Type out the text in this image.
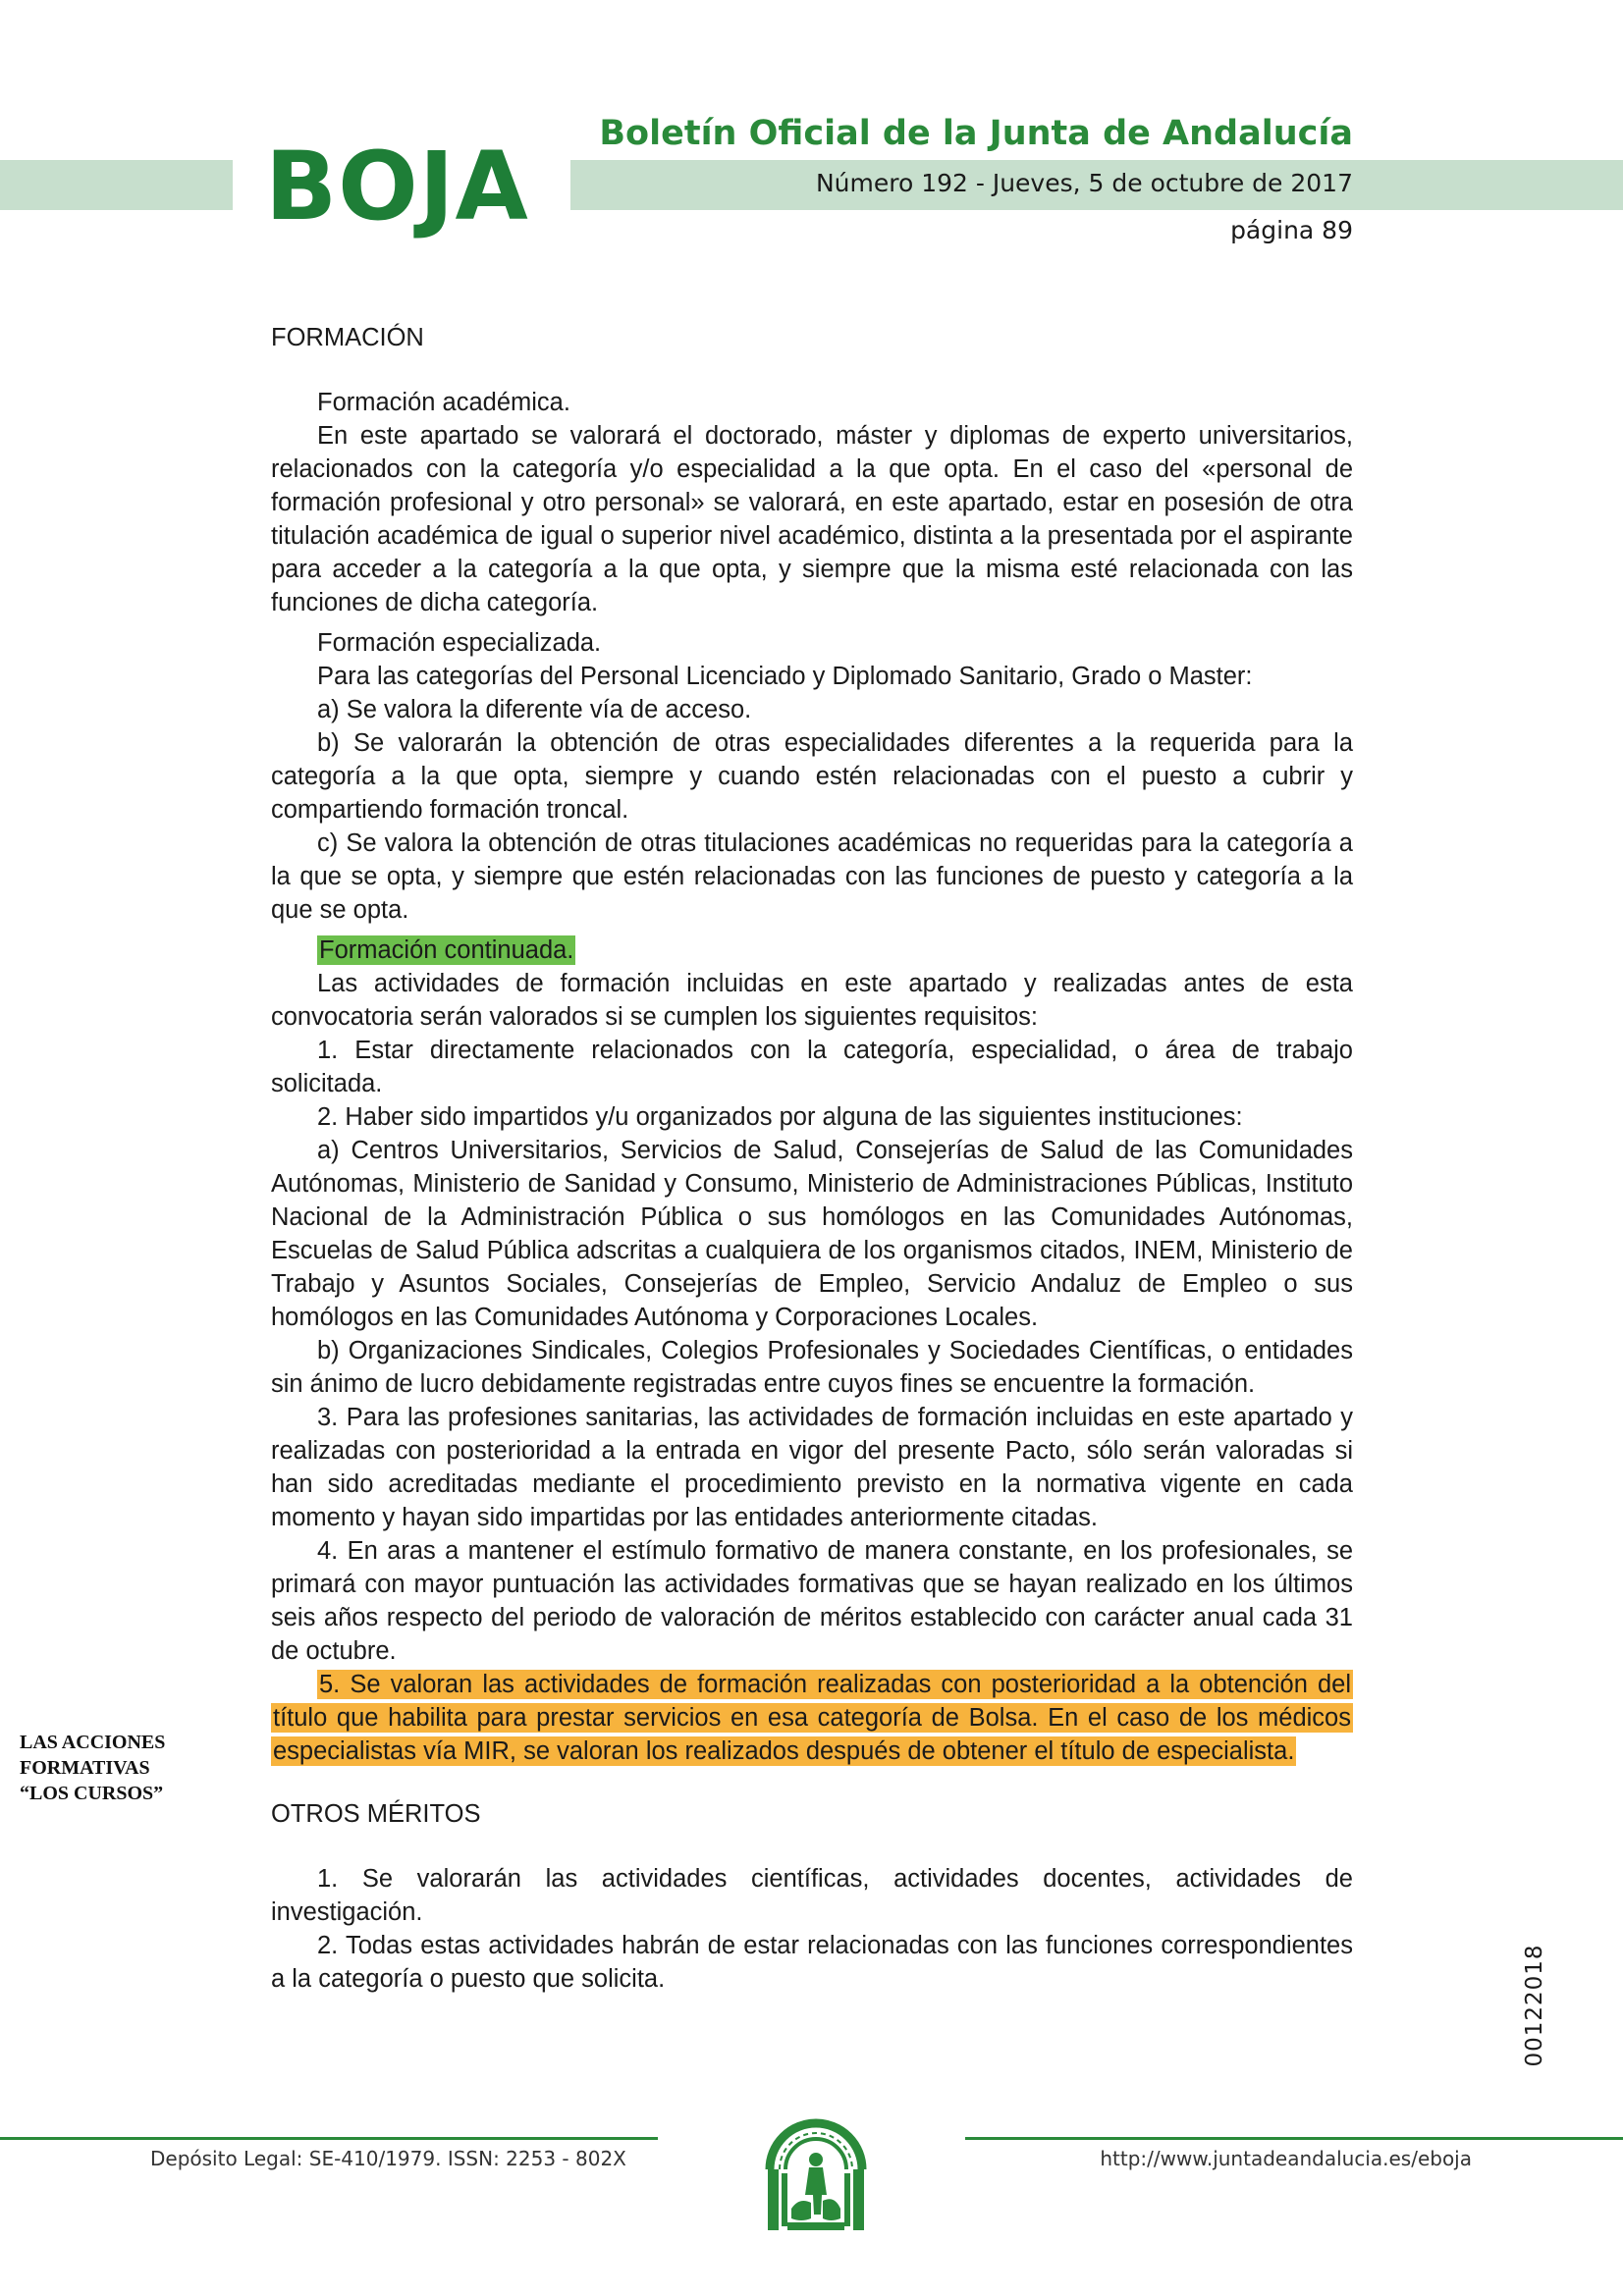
BOJA Boletín Oficial de la Junta de Andalucía
Número 192 - Jueves, 5 de octubre de 2017
página 89

FORMACIÓN

Formación académica.

En este apartado se valorará el doctorado, máster y diplomas de experto universitarios, relacionados con la categoría y/o especialidad a la que opta. En el caso del «personal de formación profesional y otro personal» se valorará, en este apartado, estar en posesión de otra titulación académica de igual o superior nivel académico, distinta a la presentada por el aspirante para acceder a la categoría a la que opta, y siempre que la misma esté relacionada con las funciones de dicha categoría.

Formación especializada.

Para las categorías del Personal Licenciado y Diplomado Sanitario, Grado o Master:

a) Se valora la diferente vía de acceso.

b) Se valorarán la obtención de otras especialidades diferentes a la requerida para la categoría a la que opta, siempre y cuando estén relacionadas con el puesto a cubrir y compartiendo formación troncal.

c) Se valora la obtención de otras titulaciones académicas no requeridas para la categoría a la que se opta, y siempre que estén relacionadas con las funciones de puesto y categoría a la que se opta.

Formación continuada.

Las actividades de formación incluidas en este apartado y realizadas antes de esta convocatoria serán valorados si se cumplen los siguientes requisitos:

1. Estar directamente relacionados con la categoría, especialidad, o área de trabajo solicitada.

2. Haber sido impartidos y/u organizados por alguna de las siguientes instituciones:

a) Centros Universitarios, Servicios de Salud, Consejerías de Salud de las Comunidades Autónomas, Ministerio de Sanidad y Consumo, Ministerio de Administraciones Públicas, Instituto Nacional de la Administración Pública o sus homólogos en las Comunidades Autónomas, Escuelas de Salud Pública adscritas a cualquiera de los organismos citados, INEM, Ministerio de Trabajo y Asuntos Sociales, Consejerías de Empleo, Servicio Andaluz de Empleo o sus homólogos en las Comunidades Autónoma y Corporaciones Locales.

b) Organizaciones Sindicales, Colegios Profesionales y Sociedades Científicas, o entidades sin ánimo de lucro debidamente registradas entre cuyos fines se encuentre la formación.

3. Para las profesiones sanitarias, las actividades de formación incluidas en este apartado y realizadas con posterioridad a la entrada en vigor del presente Pacto, sólo serán valoradas si han sido acreditadas mediante el procedimiento previsto en la normativa vigente en cada momento y hayan sido impartidas por las entidades anteriormente citadas.

4. En aras a mantener el estímulo formativo de manera constante, en los profesionales, se primará con mayor puntuación las actividades formativas que se hayan realizado en los últimos seis años respecto del periodo de valoración de méritos establecido con carácter anual cada 31 de octubre.

5. Se valoran las actividades de formación realizadas con posterioridad a la obtención del título que habilita para prestar servicios en esa categoría de Bolsa. En el caso de los médicos especialistas vía MIR, se valoran los realizados después de obtener el título de especialista.

OTROS MÉRITOS

1. Se valorarán las actividades científicas, actividades docentes, actividades de investigación.

2. Todas estas actividades habrán de estar relacionadas con las funciones correspondientes a la categoría o puesto que solicita.

LAS ACCIONES
FORMATIVAS
“LOS CURSOS”
00122018
Depósito Legal: SE-410/1979. ISSN: 2253 - 802X	http://www.juntadeandalucia.es/eboja
